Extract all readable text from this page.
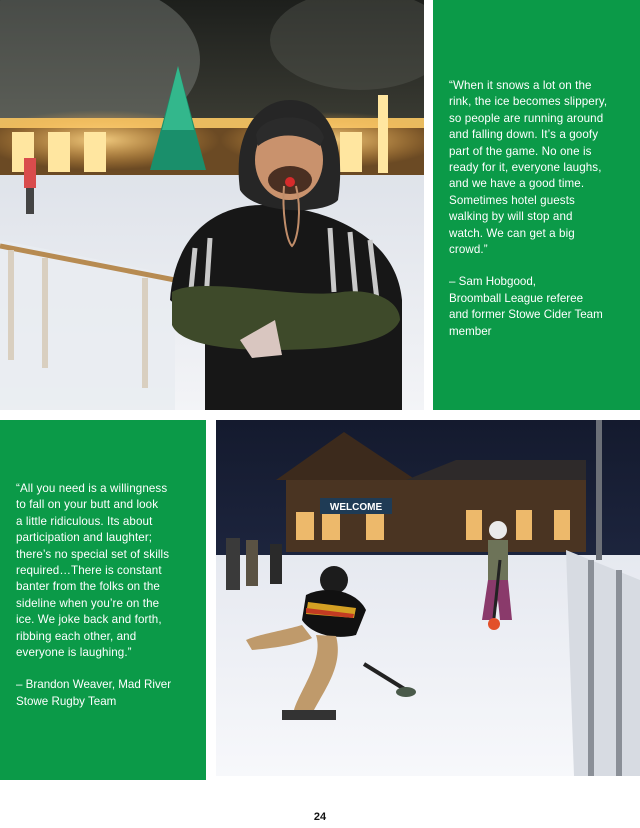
“When it snows a lot on the
rink, the ice becomes slippery,
so people are running around
and falling down. It’s a goofy
part of the game. No one is
ready for it, everyone laughs,
and we have a good time.
Sometimes hotel guests
walking by will stop and
watch. We can get a big
crowd.”

– Sam Hobgood,
Broomball League referee
and former Stowe Cider Team
member

“All you need is a willingness
to fall on your butt and look
a little ridiculous. Its about
participation and laughter;
there’s no special set of skills
required…There is constant
banter from the folks on the
sideline when you’re on the
ice. We joke back and forth,
ribbing each other, and
everyone is laughing.”

– Brandon Weaver, Mad River
Stowe Rugby Team

WELCOME
24
